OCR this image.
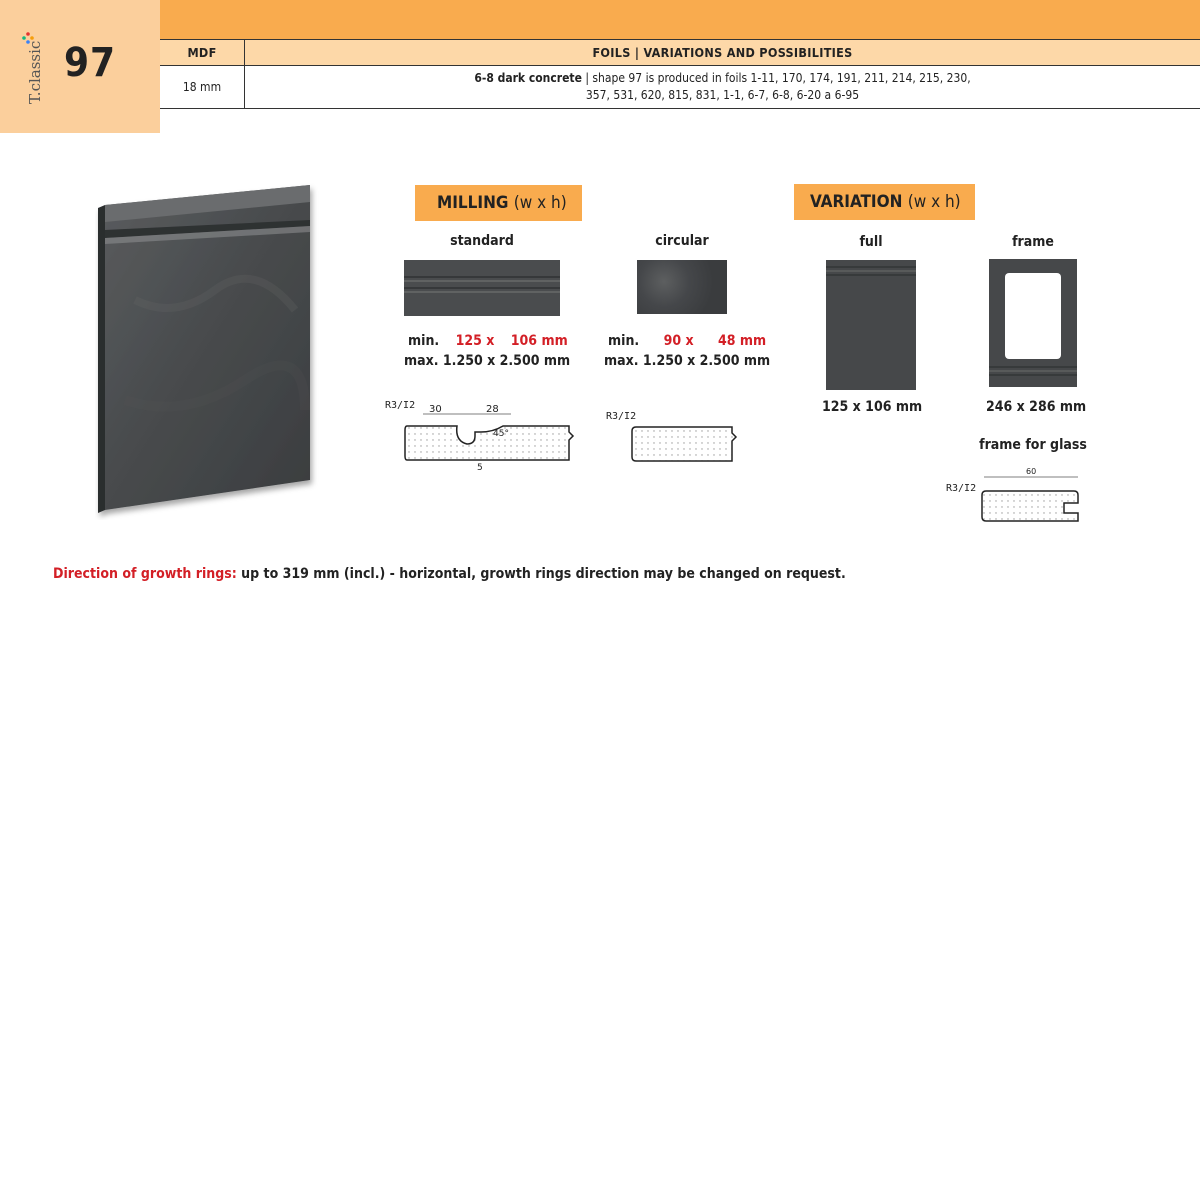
T.classic 97	MDF	FOILS | VARIATIONS AND POSSIBILITIES
18 mm	6-8 dark concrete | shape 97 is produced in foils 1-11, 170, 174, 191, 211, 214, 215, 230,
357, 531, 620, 815, 831, 1-1, 6-7, 6-8, 6-20 a 6-95
MILLING (w x h)
standard
min. 125 x 106 mm
max. 1.250 x 2.500 mm
R3/I2 30	28
45°
5
circular
min. 90 x 48 mm
max. 1.250 x 2.500 mm
R3/I2
VARIATION (w x h)
full
125 x 106 mm
frame
246 x 286 mm
frame for glass
R3/I2
60
Direction of growth rings: up to 319 mm (incl.) - horizontal, growth rings direction may be changed on request.
